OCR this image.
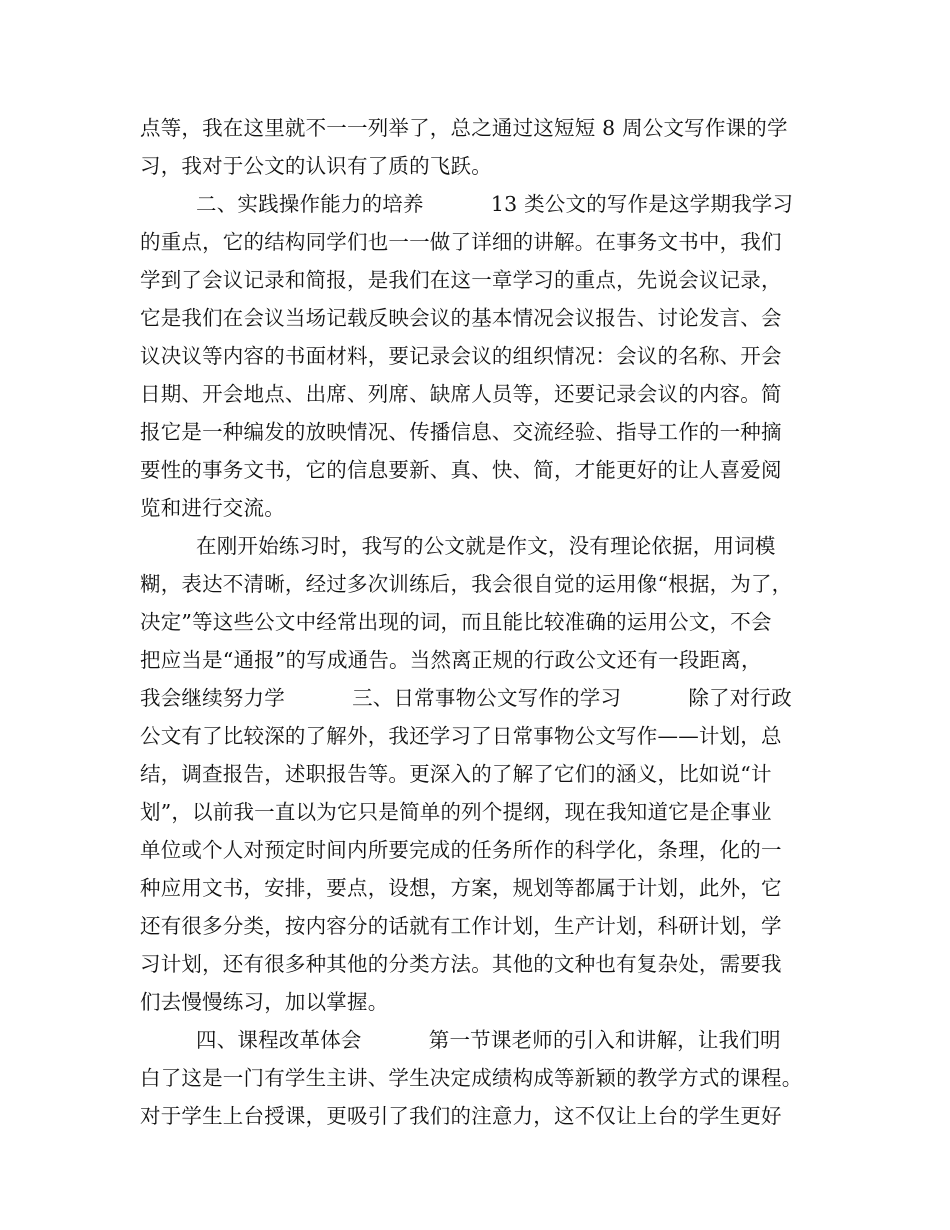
点等，我在这里就不一一列举了，总之通过这短短 8 周公文写作课的学
习，我对于公文的认识有了质的飞跃。
二、实践操作能力的培养          13 类公文的写作是这学期我学习
的重点，它的结构同学们也一一做了详细的讲解。在事务文书中，我们
学到了会议记录和简报，是我们在这一章学习的重点，先说会议记录，
它是我们在会议当场记载反映会议的基本情况会议报告、讨论发言、会
议决议等内容的书面材料，要记录会议的组织情况：会议的名称、开会
日期、开会地点、出席、列席、缺席人员等，还要记录会议的内容。简
报它是一种编发的放映情况、传播信息、交流经验、指导工作的一种摘
要性的事务文书，它的信息要新、真、快、简，才能更好的让人喜爱阅
览和进行交流。
在刚开始练习时，我写的公文就是作文，没有理论依据，用词模
糊，表达不清晰，经过多次训练后，我会很自觉的运用像“根据，为了，
决定”等这些公文中经常出现的词，而且能比较准确的运用公文，不会
把应当是“通报”的写成通告。当然离正规的行政公文还有一段距离，
我会继续努力学          三、日常事物公文写作的学习          除了对行政
公文有了比较深的了解外，我还学习了日常事物公文写作——计划，总
结，调查报告，述职报告等。更深入的了解了它们的涵义，比如说“计
划”，以前我一直以为它只是简单的列个提纲，现在我知道它是企事业
单位或个人对预定时间内所要完成的任务所作的科学化，条理，化的一
种应用文书，安排，要点，设想，方案，规划等都属于计划，此外，它
还有很多分类，按内容分的话就有工作计划，生产计划，科研计划，学
习计划，还有很多种其他的分类方法。其他的文种也有复杂处，需要我
们去慢慢练习，加以掌握。
四、课程改革体会          第一节课老师的引入和讲解，让我们明
白了这是一门有学生主讲、学生决定成绩构成等新颖的教学方式的课程。
对于学生上台授课，更吸引了我们的注意力，这不仅让上台的学生更好
